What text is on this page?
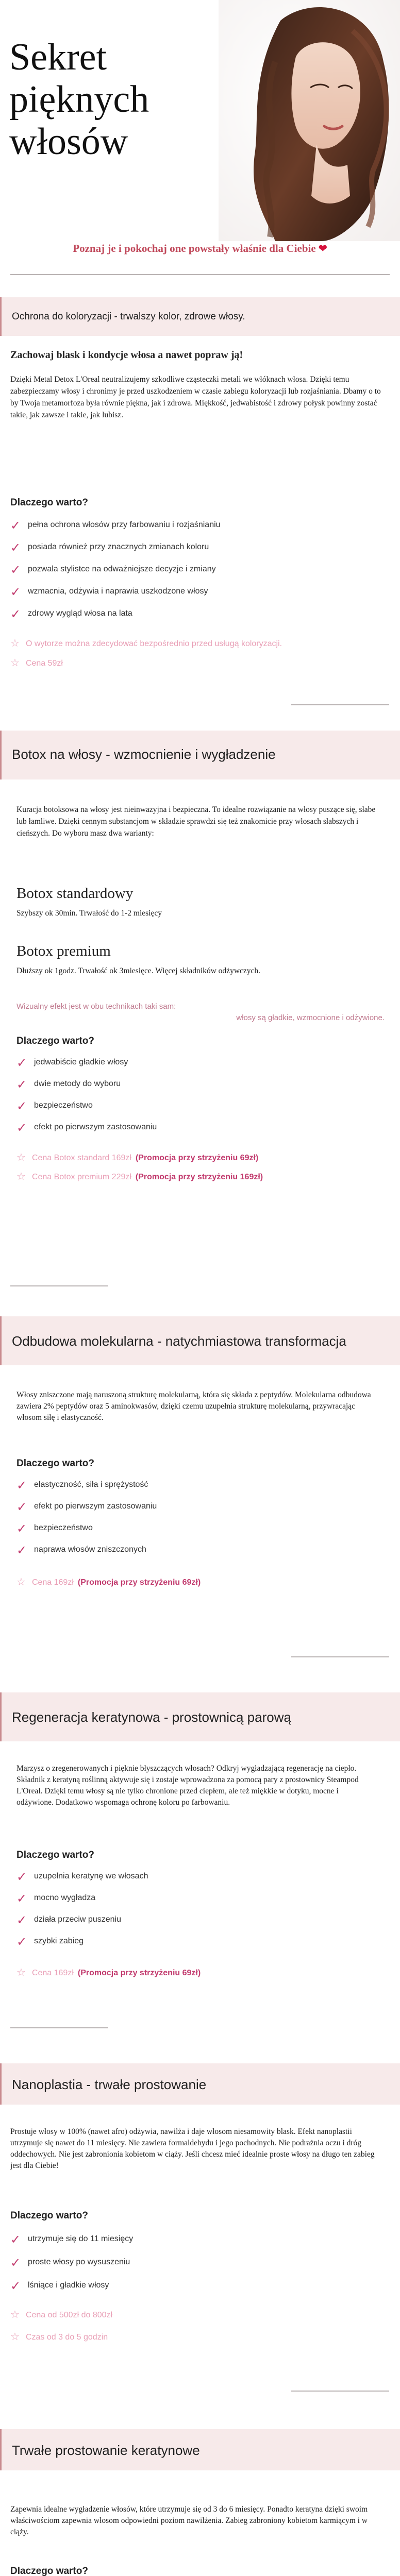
Sekret
pięknych
włosów

Poznaj je i pokochaj one powstały właśnie dla Ciebie ❤

Ochrona do koloryzacji - trwalszy kolor, zdrowe włosy.

Zachowaj blask i kondycje włosa a nawet popraw ją!

Dzięki Metal Detox L'Oreal neutralizujemy szkodliwe cząsteczki metali we włóknach włosa. Dzięki temu zabezpieczamy włosy i chronimy je przed uszkodzeniem w czasie zabiegu koloryzacji lub rozjaśniania. Dbamy o to by Twoja metamorfoza była równie piękna, jak i zdrowa. Miękkość, jedwabistość i zdrowy połysk powinny zostać takie, jak zawsze i takie, jak lubisz.

Dlaczego warto?

✓ pełna ochrona włosów przy farbowaniu i rozjaśnianiu
✓ posiada również przy znacznych zmianach koloru
✓ pozwala stylistce na odważniejsze decyzje i zmiany
✓ wzmacnia, odżywia i naprawia uszkodzone włosy
✓ zdrowy wygląd włosa na lata
☆ O wytorze można zdecydować bezpośrednio przed usługą koloryzacji.
☆ Cena 59zł
Botox na włosy - wzmocnienie i wygładzenie

Kuracja botoksowa na włosy jest nieinwazyjna i bezpieczna. To idealne rozwiązanie na włosy puszące się, słabe lub łamliwe. Dzięki cennym substancjom w składzie sprawdzi się też znakomicie przy włosach słabszych i cieńszych. Do wyboru masz dwa warianty:

Botox standardowy

Szybszy ok 30min. Trwałość do 1-2 miesięcy

Botox premium

Dłuższy ok 1godz. Trwałość ok 3miesięce. Więcej składników odżywczych.

Wizualny efekt jest w obu technikach taki sam:

włosy są gładkie, wzmocnione i odżywione.

Dlaczego warto?

✓ jedwabiście gładkie włosy
✓ dwie metody do wyboru
✓ bezpieczeństwo
✓ efekt po pierwszym zastosowaniu
☆ Cena Botox standard 169zł (Promocja przy strzyżeniu 69zł)
☆ Cena Botox premium 229zł (Promocja przy strzyżeniu 169zł)
Odbudowa molekularna - natychmiastowa transformacja

Włosy zniszczone mają naruszoną strukturę molekularną, która się składa z peptydów. Molekularna odbudowa zawiera 2% peptydów oraz 5 aminokwasów, dzięki czemu uzupełnia strukturę molekularną, przywracając włosom siłę i elastyczność.

Dlaczego warto?

✓ elastyczność, siła i sprężystość
✓ efekt po pierwszym zastosowaniu
✓ bezpieczeństwo
✓ naprawa włosów zniszczonych
☆ Cena 169zł (Promocja przy strzyżeniu 69zł)
Regeneracja keratynowa - prostownicą parową

Marzysz o zregenerowanych i pięknie błyszczących włosach? Odkryj wygładzającą regenerację na ciepło. Składnik z keratyną roślinną aktywuje się i zostaje wprowadzona za pomocą pary z prostownicy Steampod L'Oreal. Dzięki temu włosy są nie tylko chronione przed ciepłem, ale też miękkie w dotyku, mocne i odżywione. Dodatkowo wspomaga ochronę koloru po farbowaniu.

Dlaczego warto?

✓ uzupełnia keratynę we włosach
✓ mocno wygładza
✓ działa przeciw puszeniu
✓ szybki zabieg
☆ Cena 169zł (Promocja przy strzyżeniu 69zł)
Nanoplastia - trwałe prostowanie

Prostuje włosy w 100% (nawet afro) odżywia, nawilża i daje włosom niesamowity blask. Efekt nanoplastii utrzymuje się nawet do 11 miesięcy. Nie zawiera formaldehydu i jego pochodnych. Nie podrażnia oczu i dróg oddechowych. Nie jest zabronionia kobietom w ciąży. Jeśli chcesz mieć idealnie proste włosy na długo ten zabieg jest dla Ciebie!

Dlaczego warto?

✓ utrzymuje się do 11 miesięcy
✓ proste włosy po wysuszeniu
✓ lśniące i gładkie włosy
☆ Cena od 500zł do 800zł
☆ Czas od 3 do 5 godzin
Trwałe prostowanie keratynowe

Zapewnia idealne wygładzenie włosów, które utrzymuje się od 3 do 6 miesięcy. Ponadto keratyna dzięki swoim właściwościom zapewnia włosom odpowiedni poziom nawilżenia. Zabieg zabroniony kobietom karmiącym i w ciąży.

Dlaczego warto?
